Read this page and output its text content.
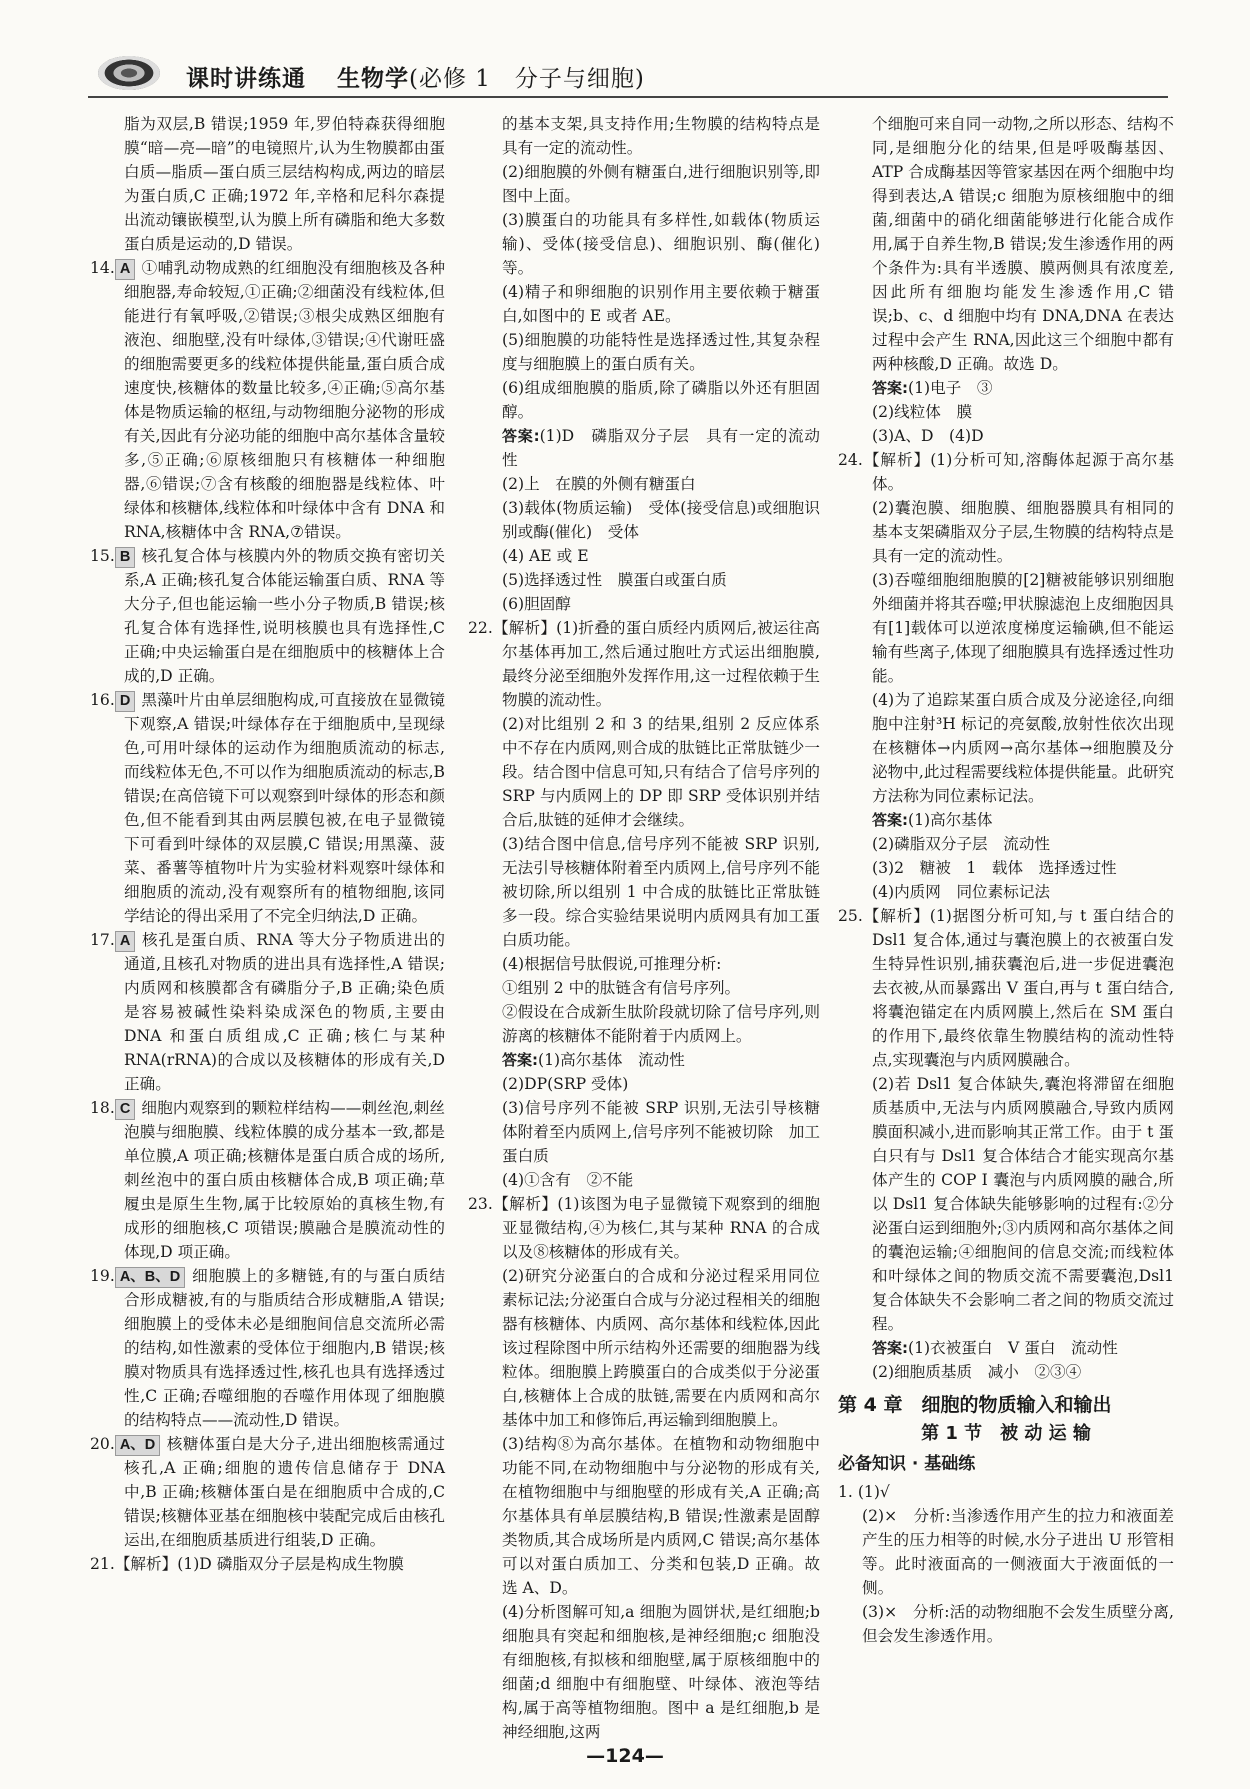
课时讲练通 生物学(必修 1　分子与细胞)

脂为双层,B 错误;1959 年,罗伯特森获得细胞膜“暗—亮—暗”的电镜照片,认为生物膜都由蛋白质—脂质—蛋白质三层结构构成,两边的暗层为蛋白质,C 正确;1972 年,辛格和尼科尔森提出流动镶嵌模型,认为膜上所有磷脂和绝大多数蛋白质是运动的,D 错误。

14. A ①哺乳动物成熟的红细胞没有细胞核及各种细胞器,寿命较短,①正确;②细菌没有线粒体,但能进行有氧呼吸,②错误;③根尖成熟区细胞有液泡、细胞壁,没有叶绿体,③错误;④代谢旺盛的细胞需要更多的线粒体提供能量,蛋白质合成速度快,核糖体的数量比较多,④正确;⑤高尔基体是物质运输的枢纽,与动物细胞分泌物的形成有关,因此有分泌功能的细胞中高尔基体含量较多,⑤正确;⑥原核细胞只有核糖体一种细胞器,⑥错误;⑦含有核酸的细胞器是线粒体、叶绿体和核糖体,线粒体和叶绿体中含有 DNA 和 RNA,核糖体中含 RNA,⑦错误。

15. B 核孔复合体与核膜内外的物质交换有密切关系,A 正确;核孔复合体能运输蛋白质、RNA 等大分子,但也能运输一些小分子物质,B 错误;核孔复合体有选择性,说明核膜也具有选择性,C 正确;中央运输蛋白是在细胞质中的核糖体上合成的,D 正确。

16. D 黑藻叶片由单层细胞构成,可直接放在显微镜下观察,A 错误;叶绿体存在于细胞质中,呈现绿色,可用叶绿体的运动作为细胞质流动的标志,而线粒体无色,不可以作为细胞质流动的标志,B 错误;在高倍镜下可以观察到叶绿体的形态和颜色,但不能看到其由两层膜包被,在电子显微镜下可看到叶绿体的双层膜,C 错误;用黑藻、菠菜、番薯等植物叶片为实验材料观察叶绿体和细胞质的流动,没有观察所有的植物细胞,该同学结论的得出采用了不完全归纳法,D 正确。

17. A 核孔是蛋白质、RNA 等大分子物质进出的通道,且核孔对物质的进出具有选择性,A 错误;内质网和核膜都含有磷脂分子,B 正确;染色质是容易被碱性染料染成深色的物质,主要由 DNA 和蛋白质组成,C 正确;核仁与某种 RNA(rRNA)的合成以及核糖体的形成有关,D 正确。

18. C 细胞内观察到的颗粒样结构——刺丝泡,刺丝泡膜与细胞膜、线粒体膜的成分基本一致,都是单位膜,A 项正确;核糖体是蛋白质合成的场所,刺丝泡中的蛋白质由核糖体合成,B 项正确;草履虫是原生生物,属于比较原始的真核生物,有成形的细胞核,C 项错误;膜融合是膜流动性的体现,D 项正确。

19. A、B、D 细胞膜上的多糖链,有的与蛋白质结合形成糖被,有的与脂质结合形成糖脂,A 错误;细胞膜上的受体未必是细胞间信息交流所必需的结构,如性激素的受体位于细胞内,B 错误;核膜对物质具有选择透过性,核孔也具有选择透过性,C 正确;吞噬细胞的吞噬作用体现了细胞膜的结构特点——流动性,D 错误。

20. A、D 核糖体蛋白是大分子,进出细胞核需通过核孔,A 正确;细胞的遗传信息储存于 DNA 中,B 正确;核糖体蛋白是在细胞质中合成的,C 错误;核糖体亚基在细胞核中装配完成后由核孔运出,在细胞质基质进行组装,D 正确。

21.【解析】(1)D 磷脂双分子层是构成生物膜

的基本支架,具支持作用;生物膜的结构特点是具有一定的流动性。

(2)细胞膜的外侧有糖蛋白,进行细胞识别等,即图中上面。

(3)膜蛋白的功能具有多样性,如载体(物质运输)、受体(接受信息)、细胞识别、酶(催化)等。

(4)精子和卵细胞的识别作用主要依赖于糖蛋白,如图中的 E 或者 AE。

(5)细胞膜的功能特性是选择透过性,其复杂程度与细胞膜上的蛋白质有关。

(6)组成细胞膜的脂质,除了磷脂以外还有胆固醇。

答案:(1)D　磷脂双分子层　具有一定的流动性

(2)上　在膜的外侧有糖蛋白

(3)载体(物质运输)　受体(接受信息)或细胞识别或酶(催化)　受体

(4) AE 或 E

(5)选择透过性　膜蛋白或蛋白质

(6)胆固醇

22.【解析】(1)折叠的蛋白质经内质网后,被运往高尔基体再加工,然后通过胞吐方式运出细胞膜,最终分泌至细胞外发挥作用,这一过程依赖于生物膜的流动性。

(2)对比组别 2 和 3 的结果,组别 2 反应体系中不存在内质网,则合成的肽链比正常肽链少一段。结合图中信息可知,只有结合了信号序列的 SRP 与内质网上的 DP 即 SRP 受体识别并结合后,肽链的延伸才会继续。

(3)结合图中信息,信号序列不能被 SRP 识别,无法引导核糖体附着至内质网上,信号序列不能被切除,所以组别 1 中合成的肽链比正常肽链多一段。综合实验结果说明内质网具有加工蛋白质功能。

(4)根据信号肽假说,可推理分析:

①组别 2 中的肽链含有信号序列。

②假设在合成新生肽阶段就切除了信号序列,则游离的核糖体不能附着于内质网上。

答案:(1)高尔基体　流动性

(2)DP(SRP 受体)

(3)信号序列不能被 SRP 识别,无法引导核糖体附着至内质网上,信号序列不能被切除　加工蛋白质

(4)①含有　②不能

23.【解析】(1)该图为电子显微镜下观察到的细胞亚显微结构,④为核仁,其与某种 RNA 的合成以及⑧核糖体的形成有关。

(2)研究分泌蛋白的合成和分泌过程采用同位素标记法;分泌蛋白合成与分泌过程相关的细胞器有核糖体、内质网、高尔基体和线粒体,因此该过程除图中所示结构外还需要的细胞器为线粒体。细胞膜上跨膜蛋白的合成类似于分泌蛋白,核糖体上合成的肽链,需要在内质网和高尔基体中加工和修饰后,再运输到细胞膜上。

(3)结构⑧为高尔基体。在植物和动物细胞中功能不同,在动物细胞中与分泌物的形成有关,在植物细胞中与细胞壁的形成有关,A 正确;高尔基体具有单层膜结构,B 错误;性激素是固醇类物质,其合成场所是内质网,C 错误;高尔基体可以对蛋白质加工、分类和包装,D 正确。故选 A、D。

(4)分析图解可知,a 细胞为圆饼状,是红细胞;b 细胞具有突起和细胞核,是神经细胞;c 细胞没有细胞核,有拟核和细胞壁,属于原核细胞中的细菌;d 细胞中有细胞壁、叶绿体、液泡等结构,属于高等植物细胞。图中 a 是红细胞,b 是神经细胞,这两

个细胞可来自同一动物,之所以形态、结构不同,是细胞分化的结果,但是呼吸酶基因、ATP 合成酶基因等管家基因在两个细胞中均得到表达,A 错误;c 细胞为原核细胞中的细菌,细菌中的硝化细菌能够进行化能合成作用,属于自养生物,B 错误;发生渗透作用的两个条件为:具有半透膜、膜两侧具有浓度差,因此所有细胞均能发生渗透作用,C 错误;b、c、d 细胞中均有 DNA,DNA 在表达过程中会产生 RNA,因此这三个细胞中都有两种核酸,D 正确。故选 D。

答案:(1)电子　③

(2)线粒体　膜

(3)A、D　(4)D

24.【解析】(1)分析可知,溶酶体起源于高尔基体。

(2)囊泡膜、细胞膜、细胞器膜具有相同的基本支架磷脂双分子层,生物膜的结构特点是具有一定的流动性。

(3)吞噬细胞细胞膜的[2]糖被能够识别细胞外细菌并将其吞噬;甲状腺滤泡上皮细胞因具有[1]载体可以逆浓度梯度运输碘,但不能运输有些离子,体现了细胞膜具有选择透过性功能。

(4)为了追踪某蛋白质合成及分泌途径,向细胞中注射³H 标记的亮氨酸,放射性依次出现在核糖体→内质网→高尔基体→细胞膜及分泌物中,此过程需要线粒体提供能量。此研究方法称为同位素标记法。

答案:(1)高尔基体

(2)磷脂双分子层　流动性

(3)2　糖被　1　载体　选择透过性

(4)内质网　同位素标记法

25.【解析】(1)据图分析可知,与 t 蛋白结合的 Dsl1 复合体,通过与囊泡膜上的衣被蛋白发生特异性识别,捕获囊泡后,进一步促进囊泡去衣被,从而暴露出 V 蛋白,再与 t 蛋白结合,将囊泡锚定在内质网膜上,然后在 SM 蛋白的作用下,最终依靠生物膜结构的流动性特点,实现囊泡与内质网膜融合。

(2)若 Dsl1 复合体缺失,囊泡将滞留在细胞质基质中,无法与内质网膜融合,导致内质网膜面积减小,进而影响其正常工作。由于 t 蛋白只有与 Dsl1 复合体结合才能实现高尔基体产生的 COP Ⅰ 囊泡与内质网膜的融合,所以 Dsl1 复合体缺失能够影响的过程有:②分泌蛋白运到细胞外;③内质网和高尔基体之间的囊泡运输;④细胞间的信息交流;而线粒体和叶绿体之间的物质交流不需要囊泡,Dsl1 复合体缺失不会影响二者之间的物质交流过程。

答案:(1)衣被蛋白　V 蛋白　流动性

(2)细胞质基质　减小　②③④

第 4 章　细胞的物质输入和输出

第 1 节　被 动 运 输

必备知识 · 基础练

1. (1)√

(2)×　分析:当渗透作用产生的拉力和液面差产生的压力相等的时候,水分子进出 U 形管相等。此时液面高的一侧液面大于液面低的一侧。

(3)×　分析:活的动物细胞不会发生质壁分离,但会发生渗透作用。

—124—
